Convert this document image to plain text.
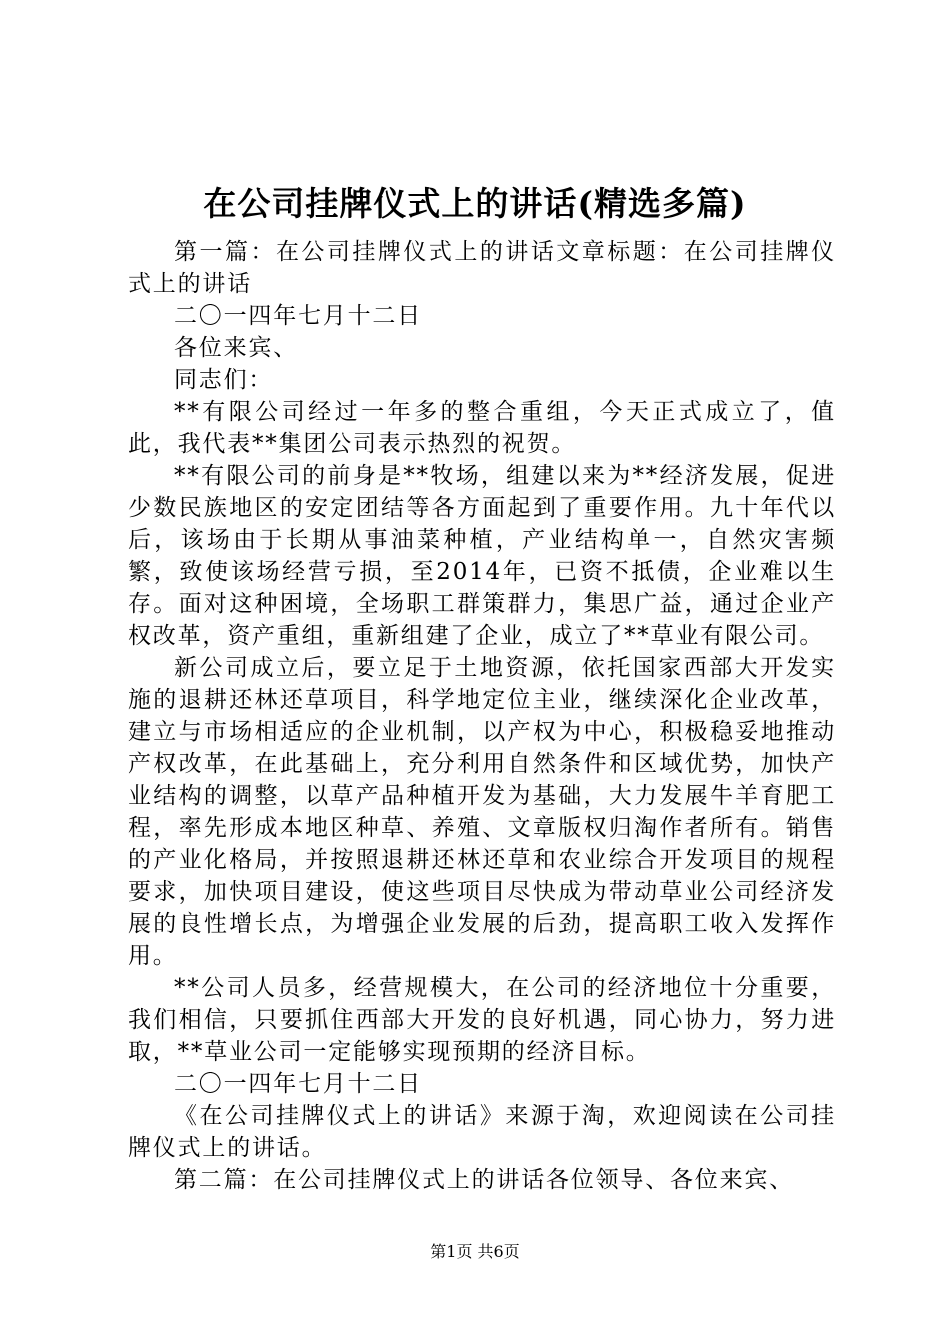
在公司挂牌仪式上的讲话(精选多篇)

第一篇：在公司挂牌仪式上的讲话文章标题：在公司挂牌仪式上的讲话

二〇一四年七月十二日

各位来宾、

同志们：

**有限公司经过一年多的整合重组，今天正式成立了，值此，我代表**集团公司表示热烈的祝贺。

**有限公司的前身是**牧场，组建以来为**经济发展，促进少数民族地区的安定团结等各方面起到了重要作用。九十年代以后，该场由于长期从事油菜种植，产业结构单一，自然灾害频繁，致使该场经营亏损，至2014年，已资不抵债，企业难以生存。面对这种困境，全场职工群策群力，集思广益，通过企业产权改革，资产重组，重新组建了企业，成立了**草业有限公司。

新公司成立后，要立足于土地资源，依托国家西部大开发实施的退耕还林还草项目，科学地定位主业，继续深化企业改革，建立与市场相适应的企业机制，以产权为中心，积极稳妥地推动产权改革，在此基础上，充分利用自然条件和区域优势，加快产业结构的调整，以草产品种植开发为基础，大力发展牛羊育肥工程，率先形成本地区种草、养殖、文章版权归淘作者所有。销售的产业化格局，并按照退耕还林还草和农业综合开发项目的规程要求，加快项目建设，使这些项目尽快成为带动草业公司经济发展的良性增长点，为增强企业发展的后劲，提高职工收入发挥作用。

**公司人员多，经营规模大，在公司的经济地位十分重要，我们相信，只要抓住西部大开发的良好机遇，同心协力，努力进取，**草业公司一定能够实现预期的经济目标。

二〇一四年七月十二日

《在公司挂牌仪式上的讲话》来源于淘，欢迎阅读在公司挂牌仪式上的讲话。

第二篇：在公司挂牌仪式上的讲话各位领导、各位来宾、

第1页 共6页
